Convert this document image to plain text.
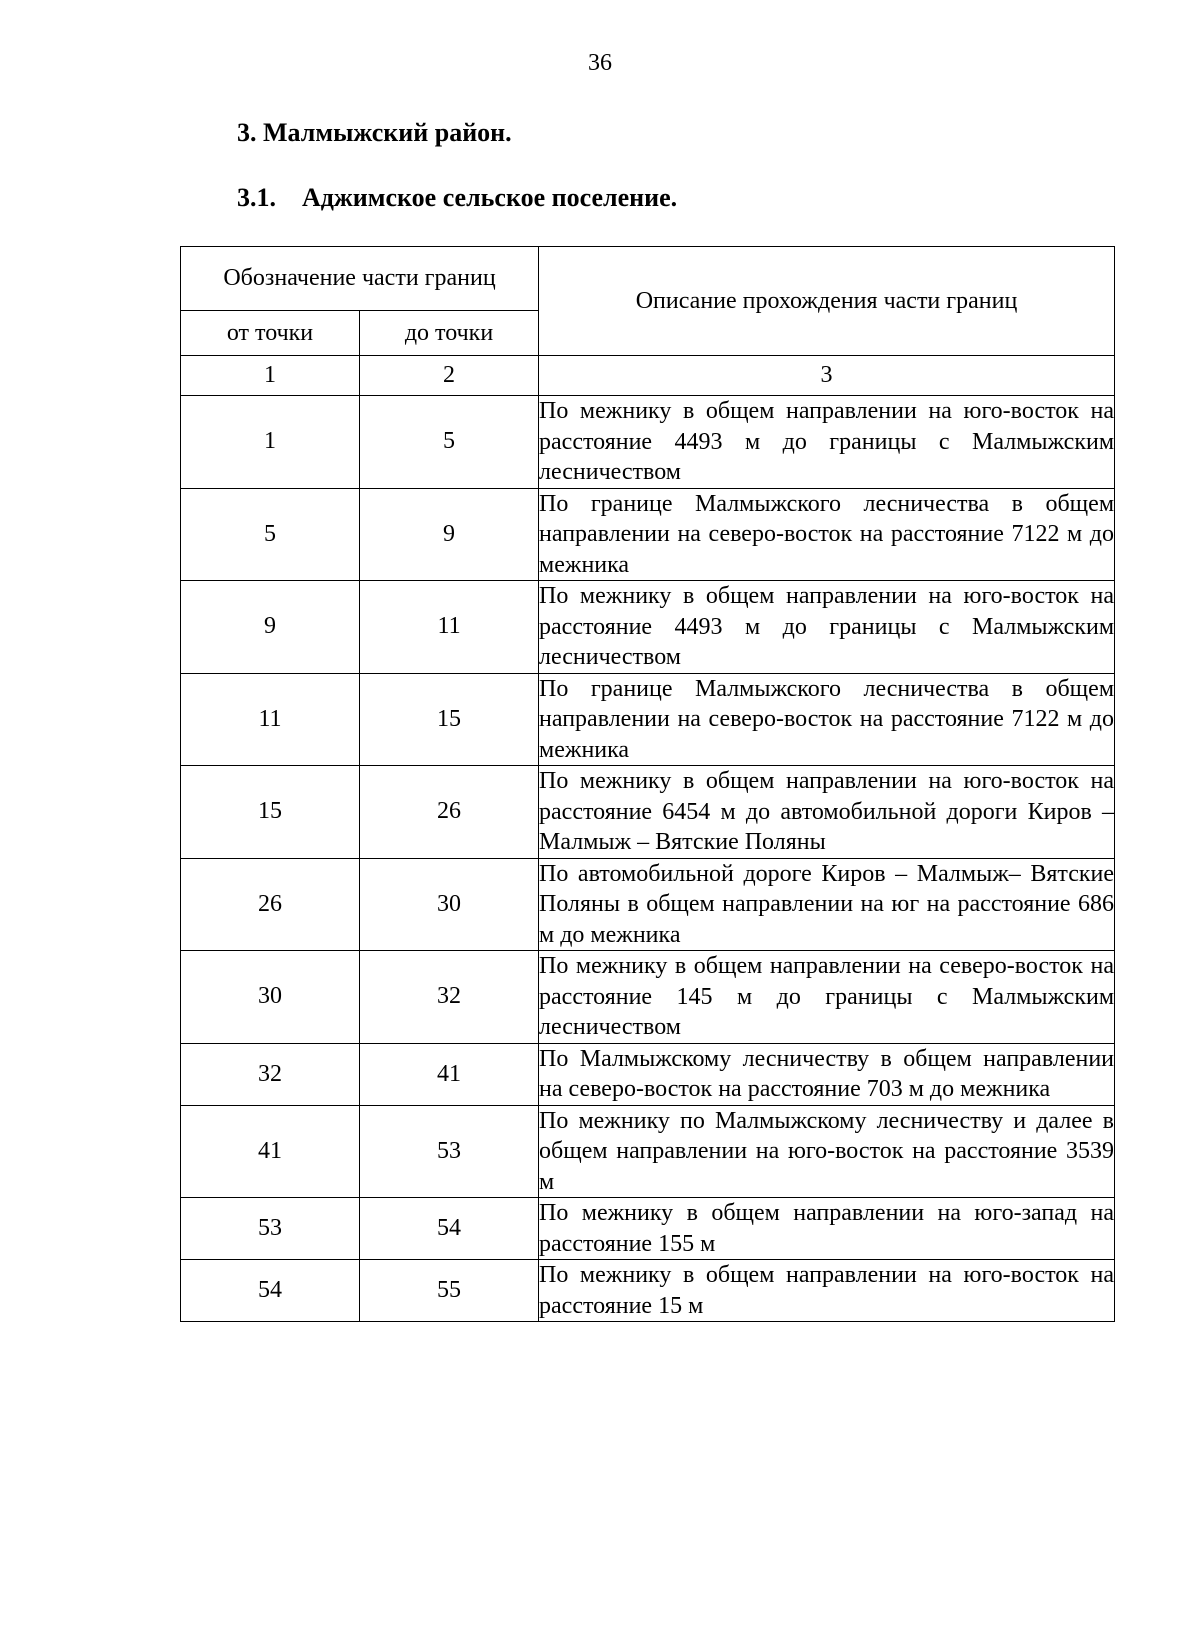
36
3. Малмыжский район.
3.1. Аджимское сельское поселение.
Обозначение части границ		Описание прохождения части границ
от точки	до точки	
1	2	3
1	5	По межнику в общем направлении на юго-восток на расстояние 4493 м до границы с Малмыжским лесничеством
5	9	По границе Малмыжского лесничества в общем направлении на северо-восток на расстояние 7122 м до межника
9	11	По межнику в общем направлении на юго-восток на расстояние 4493 м до границы с Малмыжским лесничеством
11	15	По границе Малмыжского лесничества в общем направлении на северо-восток на расстояние 7122 м до межника
15	26	По межнику в общем направлении на юго-восток на расстояние 6454 м до автомобильной дороги Киров – Малмыж – Вятские Поляны
26	30	По автомобильной дороге Киров – Малмыж– Вятские Поляны в общем направлении на юг на расстояние 686 м до межника
30	32	По межнику в общем направлении на северо-восток на расстояние 145 м до границы с Малмыжским лесничеством
32	41	По Малмыжскому лесничеству в общем направлении на северо-восток на расстояние 703 м до межника
41	53	По межнику по Малмыжскому лесничеству и далее в общем направлении на юго-восток на расстояние 3539 м
53	54	По межнику в общем направлении на юго-запад на расстояние 155 м
54	55	По межнику в общем направлении на юго-восток на расстояние 15 м
